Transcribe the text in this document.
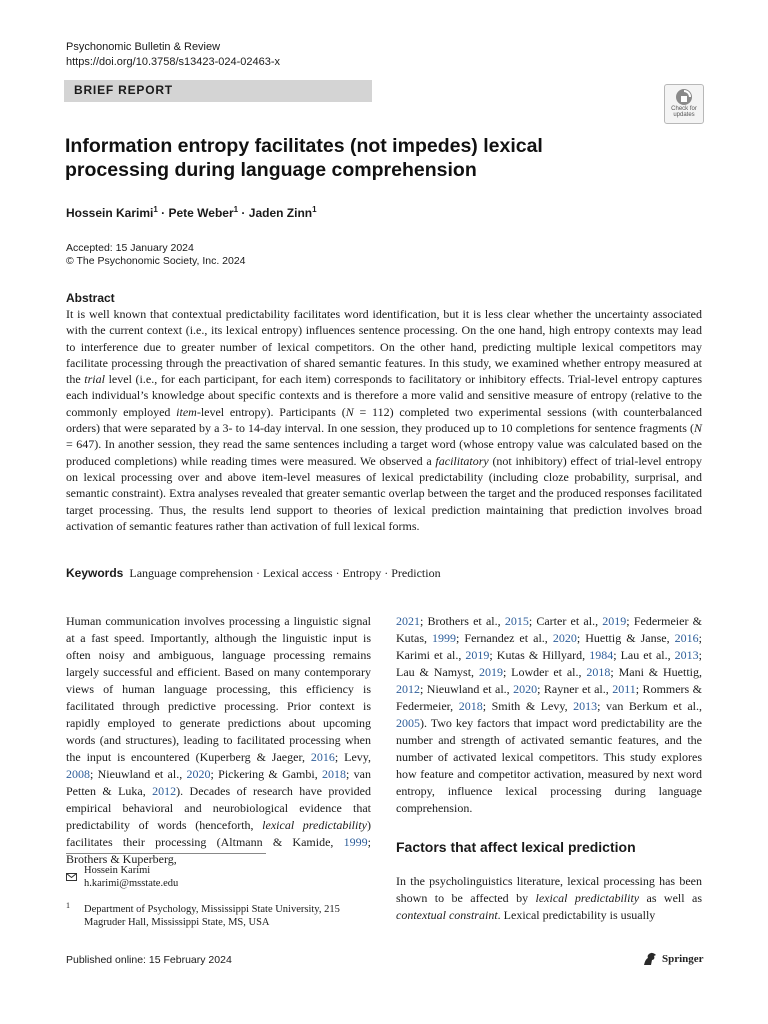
Psychonomic Bulletin & Review
https://doi.org/10.3758/s13423-024-02463-x
BRIEF REPORT
Check for
updates
Information entropy facilitates (not impedes) lexical processing during language comprehension
Hossein Karimi$^1$ · Pete Weber$^1$ · Jaden Zinn$^1$
Accepted: 15 January 2024
© The Psychonomic Society, Inc. 2024
Abstract
It is well known that contextual predictability facilitates word identification, but it is less clear whether the uncertainty associated with the current context (i.e., its lexical entropy) influences sentence processing. On the one hand, high entropy contexts may lead to interference due to greater number of lexical competitors. On the other hand, predicting multiple lexical competitors may facilitate processing through the preactivation of shared semantic features. In this study, we examined whether entropy measured at the trial level (i.e., for each participant, for each item) corresponds to facilitatory or inhibitory effects. Trial-level entropy captures each individual’s knowledge about specific contexts and is therefore a more valid and sensitive measure of entropy (relative to the commonly employed item-level entropy). Participants (N = 112) completed two experimental sessions (with counterbalanced orders) that were separated by a 3- to 14-day interval. In one session, they produced up to 10 completions for sentence fragments (N = 647). In another session, they read the same sentences including a target word (whose entropy value was calculated based on the produced completions) while reading times were measured. We observed a facilitatory (not inhibitory) effect of trial-level entropy on lexical processing over and above item-level measures of lexical predictability (including cloze probability, surprisal, and semantic constraint). Extra analyses revealed that greater semantic overlap between the target and the produced responses facilitated target processing. Thus, the results lend support to theories of lexical prediction maintaining that prediction involves broad activation of semantic features rather than activation of full lexical forms.
Keywords Language comprehension · Lexical access · Entropy · Prediction
Human communication involves processing a linguistic signal at a fast speed. Importantly, although the linguistic input is often noisy and ambiguous, language processing remains largely successful and efficient. Based on many contemporary views of human language processing, this efficiency is facilitated through predictive processing. Prior context is rapidly employed to generate predictions about upcoming words (and structures), leading to facilitated processing when the input is encountered (Kuperberg & Jaeger, 2016; Levy, 2008; Nieuwland et al., 2020; Pickering & Gambi, 2018; van Petten & Luka, 2012). Decades of research have provided empirical behavioral and neurobiological evidence that predictability of words (henceforth, lexical predictability) facilitates their processing (Altmann & Kamide, 1999; Brothers & Kuperberg,
2021; Brothers et al., 2015; Carter et al., 2019; Federmeier & Kutas, 1999; Fernandez et al., 2020; Huettig & Janse, 2016; Karimi et al., 2019; Kutas & Hillyard, 1984; Lau et al., 2013; Lau & Namyst, 2019; Lowder et al., 2018; Mani & Huettig, 2012; Nieuwland et al., 2020; Rayner et al., 2011; Rommers & Federmeier, 2018; Smith & Levy, 2013; van Berkum et al., 2005). Two key factors that impact word predictability are the number and strength of activated semantic features, and the number of activated lexical competitors. This study explores how feature and competitor activation, measured by next word entropy, influence lexical processing during language comprehension.
Factors that affect lexical prediction
In the psycholinguistics literature, lexical processing has been shown to be affected by lexical predictability as well as contextual constraint. Lexical predictability is usually
Hossein Karimi
h.karimi@msstate.edu
1 Department of Psychology, Mississippi State University, 215 Magruder Hall, Mississippi State, MS, USA
Published online: 15 February 2024	Springer
